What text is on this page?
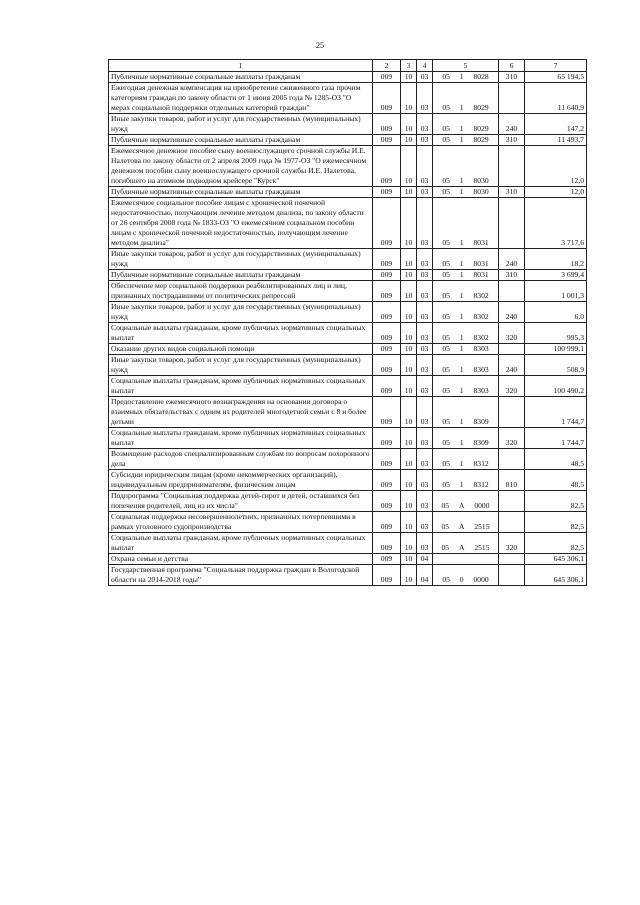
25
1	2	3	4	5	6	7
Публичные нормативные социальные выплаты гражданам	009	10	03	05 1 8028	310	65 194,5
Ежегодная денежная компенсация на приобретение сжиженного газа прочим категориям граждан по закону области от 1 июня 2005 года № 1285-ОЗ "О мерах социальной поддержки отдельных категорий граждан"	009	10	03	05 1 8029		11 640,9
Иные закупки товаров, работ и услуг для государственных (муниципальных) нужд	009	10	03	05 1 8029	240	147,2
Публичные нормативные социальные выплаты гражданам	009	10	03	05 1 8029	310	11 493,7
Ежемесячное денежное пособие сыну военнослужащего срочной службы И.Е. Налетова по закону области от 2 апреля 2009 года № 1977-ОЗ "О ежемесячном денежном пособии сыну военнослужащего срочной службы И.Е. Налетова, погибшего на атомном подводном крейсере "Курск"	009	10	03	05 1 8030		12,0
Публичные нормативные социальные выплаты гражданам	009	10	03	05 1 8030	310	12,0
Ежемесячное социальное пособие лицам с хронической почечной недостаточностью, получающим лечение методом диализа, по закону области от 26 сентября 2008 года № 1833-ОЗ "О ежемесячном социальном пособии лицам с хронической почечной недостаточностью, получающим лечение методом диализа"	009	10	03	05 1 8031		3 717,6
Иные закупки товаров, работ и услуг для государственных (муниципальных) нужд	009	10	03	05 1 8031	240	18,2
Публичные нормативные социальные выплаты гражданам	009	10	03	05 1 8031	310	3 699,4
Обеспечение мер социальной поддержки реабилитированных лиц и лиц, признанных пострадавшими от политических репрессий	009	10	03	05 1 8302		1 001,3
Иные закупки товаров, работ и услуг для государственных (муниципальных) нужд	009	10	03	05 1 8302	240	6,0
Социальные выплаты гражданам, кроме публичных нормативных социальных выплат	009	10	03	05 1 8302	320	995,3
Оказание других видов социальной помощи	009	10	03	05 1 8303		100 999,1
Иные закупки товаров, работ и услуг для государственных (муниципальных) нужд	009	10	03	05 1 8303	240	508,9
Социальные выплаты гражданам, кроме публичных нормативных социальных выплат	009	10	03	05 1 8303	320	100 490,2
Предоставление ежемесячного вознаграждения на основании договора о взаимных обязательствах с одним из родителей многодетной семьи с 8 и более детьми	009	10	03	05 1 8309		1 744,7
Социальные выплаты гражданам, кроме публичных нормативных социальных выплат	009	10	03	05 1 8309	320	1 744,7
Возмещение расходов специализированным службам по вопросам похоронного дела	009	10	03	05 1 8312		48,5
Субсидии юридическим лицам (кроме некоммерческих организаций), индивидуальным предпринимателям, физическим лицам	009	10	03	05 1 8312	810	48,5
Подпрограмма "Социальная поддержка детей-сирот и детей, оставшихся без попечения родителей, лиц из их числа"	009	10	03	05 А 0000		82,5
Социальная поддержка несовершеннолетних, признанных потерпевшими в рамках уголовного судопроизводства	009	10	03	05 А 2515		82,5
Социальные выплаты гражданам, кроме публичных нормативных социальных выплат	009	10	03	05 А 2515	320	82,5
Охрана семьи и детства	009	10	04			645 306,1
Государственная программа "Социальная поддержка граждан в Вологодской области на 2014-2018 годы"	009	10	04	05 0 0000		645 306,1
